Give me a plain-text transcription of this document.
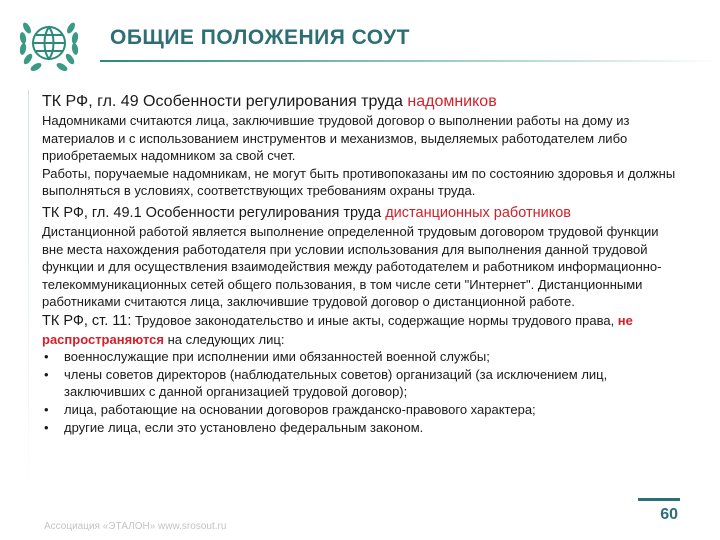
ОБЩИЕ ПОЛОЖЕНИЯ СОУТ

ТК РФ, гл. 49 Особенности регулирования труда надомников

Надомниками считаются лица, заключившие трудовой договор о выполнении работы на дому из материалов и с использованием инструментов и механизмов, выделяемых работодателем либо приобретаемых надомником за свой счет.

Работы, поручаемые надомникам, не могут быть противопоказаны им по состоянию здоровья и должны выполняться в условиях, соответствующих требованиям охраны труда.

ТК РФ, гл. 49.1 Особенности регулирования труда дистанционных работников

Дистанционной работой является выполнение определенной трудовым договором трудовой функции вне места нахождения работодателя при условии использования для выполнения данной трудовой функции и для осуществления взаимодействия между работодателем и работником информационно-телекоммуникационных сетей общего пользования, в том числе сети "Интернет". Дистанционными работниками считаются лица, заключившие трудовой договор о дистанционной работе.

ТК РФ, ст. 11: Трудовое законодательство и иные акты, содержащие нормы трудового права, не распространяются на следующих лиц:

• военнослужащие при исполнении ими обязанностей военной службы;
• члены советов директоров (наблюдательных советов) организаций (за исключением лиц, заключивших с данной организацией трудовой договор);
• лица, работающие на основании договоров гражданско-правового характера;
• другие лица, если это установлено федеральным законом.
Ассоциация «ЭТАЛОН» www.srosout.ru
60
